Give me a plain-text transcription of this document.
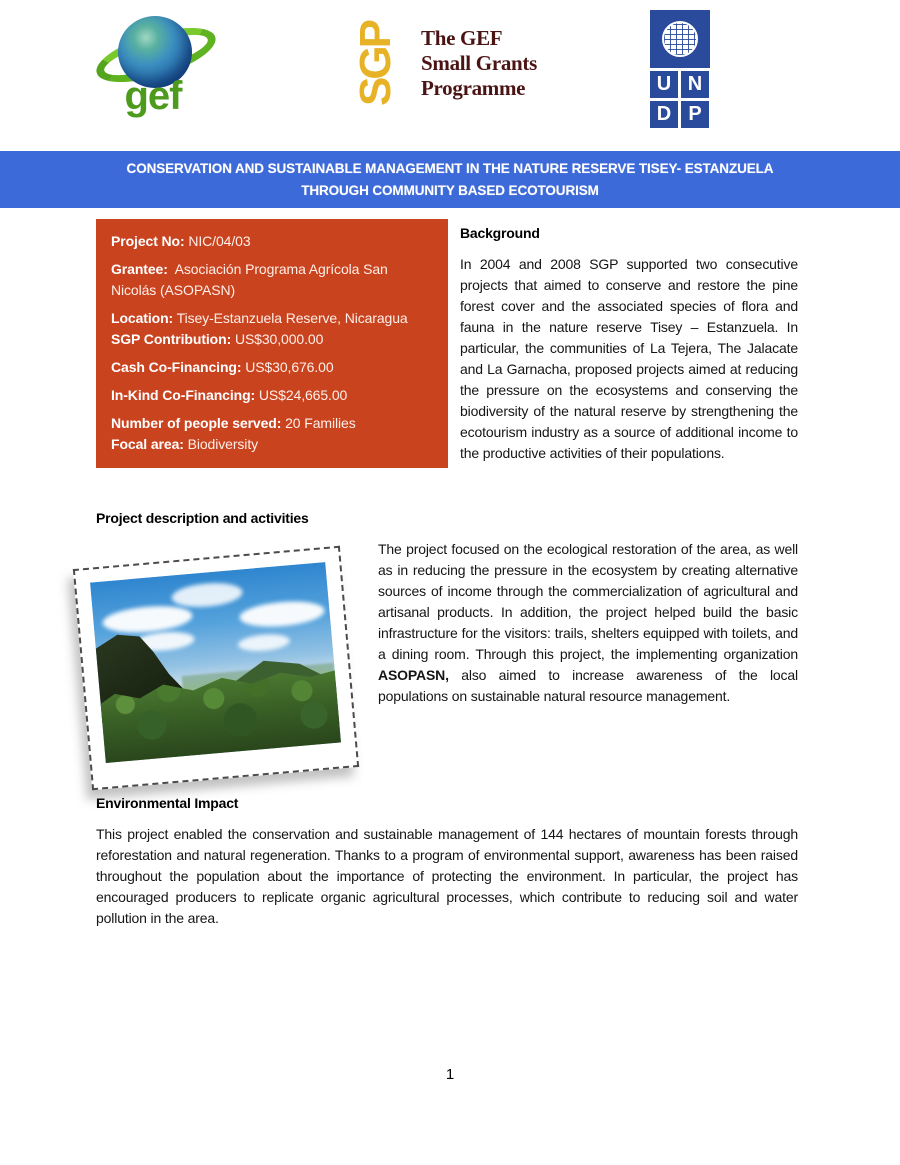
gef	SGP The GEF
Small Grants
Programme	U N
D P
CONSERVATION AND SUSTAINABLE MANAGEMENT IN THE NATURE RESERVE TISEY- ESTANZUELA
THROUGH COMMUNITY BASED ECOTOURISM
Project No: NIC/04/03
Grantee: Asociación Programa Agrícola San Nicolás (ASOPASN)
Location: Tisey-Estanzuela Reserve, Nicaragua
SGP Contribution: US$30,000.00
Cash Co-Financing: US$30,676.00
In-Kind Co-Financing: US$24,665.00
Number of people served: 20 Families
Focal area: Biodiversity
Background

In 2004 and 2008 SGP supported two consecutive projects that aimed to conserve and restore the pine forest cover and the associated species of flora and fauna in the nature reserve Tisey – Estanzuela. In particular, the communities of La Tejera, The Jalacate and La Garnacha, proposed projects aimed at reducing the pressure on the ecosystems and conserving the biodiversity of the natural reserve by strengthening the ecotourism industry as a source of additional income to the productive activities of their populations.

Project description and activities

The project focused on the ecological restoration of the area, as well as in reducing the pressure in the ecosystem by creating alternative sources of income through the commercialization of agricultural and artisanal products. In addition, the project helped build the basic infrastructure for the visitors: trails, shelters equipped with toilets, and a dining room. Through this project, the implementing organization ASOPASN, also aimed to increase awareness of the local populations on sustainable natural resource management.

Environmental Impact

This project enabled the conservation and sustainable management of 144 hectares of mountain forests through reforestation and natural regeneration. Thanks to a program of environmental support, awareness has been raised throughout the population about the importance of protecting the environment. In particular, the project has encouraged producers to replicate organic agricultural processes, which contribute to reducing soil and water pollution in the area.

1
